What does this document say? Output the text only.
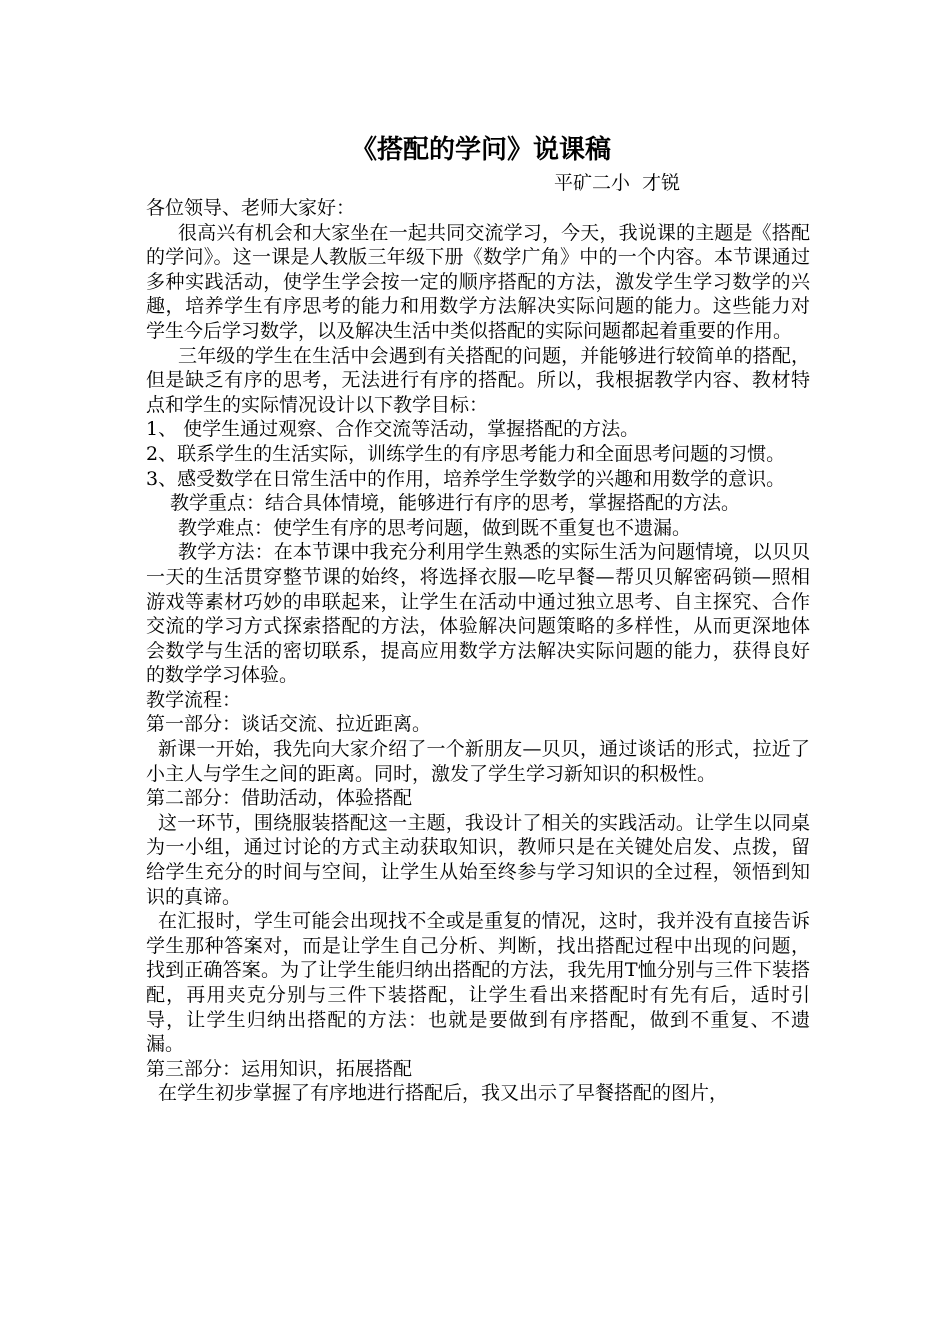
《搭配的学问》说课稿
平矿二小  才锐

各位领导、老师大家好：

很高兴有机会和大家坐在一起共同交流学习，今天，我说课的主题是《搭配的学问》。这一课是人教版三年级下册《数学广角》中的一个内容。本节课通过多种实践活动，使学生学会按一定的顺序搭配的方法，激发学生学习数学的兴趣，培养学生有序思考的能力和用数学方法解决实际问题的能力。这些能力对学生今后学习数学，以及解决生活中类似搭配的实际问题都起着重要的作用。

三年级的学生在生活中会遇到有关搭配的问题，并能够进行较简单的搭配，但是缺乏有序的思考，无法进行有序的搭配。所以，我根据教学内容、教材特点和学生的实际情况设计以下教学目标：

1、 使学生通过观察、合作交流等活动，掌握搭配的方法。

2、联系学生的生活实际，训练学生的有序思考能力和全面思考问题的习惯。

3、感受数学在日常生活中的作用，培养学生学数学的兴趣和用数学的意识。

教学重点：结合具体情境，能够进行有序的思考，掌握搭配的方法。

教学难点：使学生有序的思考问题，做到既不重复也不遗漏。

教学方法：在本节课中我充分利用学生熟悉的实际生活为问题情境，以贝贝一天的生活贯穿整节课的始终，将选择衣服—吃早餐—帮贝贝解密码锁—照相游戏等素材巧妙的串联起来，让学生在活动中通过独立思考、自主探究、合作交流的学习方式探索搭配的方法，体验解决问题策略的多样性，从而更深地体会数学与生活的密切联系，提高应用数学方法解决实际问题的能力，获得良好的数学学习体验。

教学流程：

第一部分：谈话交流、拉近距离。

新课一开始，我先向大家介绍了一个新朋友—贝贝，通过谈话的形式，拉近了小主人与学生之间的距离。同时，激发了学生学习新知识的积极性。

第二部分：借助活动，体验搭配

这一环节，围绕服装搭配这一主题，我设计了相关的实践活动。让学生以同桌为一小组，通过讨论的方式主动获取知识，教师只是在关键处启发、点拨，留给学生充分的时间与空间，让学生从始至终参与学习知识的全过程，领悟到知识的真谛。

在汇报时，学生可能会出现找不全或是重复的情况，这时，我并没有直接告诉学生那种答案对，而是让学生自己分析、判断，找出搭配过程中出现的问题，找到正确答案。为了让学生能归纳出搭配的方法，我先用T恤分别与三件下装搭配，再用夹克分别与三件下装搭配，让学生看出来搭配时有先有后，适时引导，让学生归纳出搭配的方法：也就是要做到有序搭配，做到不重复、不遗漏。

第三部分：运用知识，拓展搭配

在学生初步掌握了有序地进行搭配后，我又出示了早餐搭配的图片，
